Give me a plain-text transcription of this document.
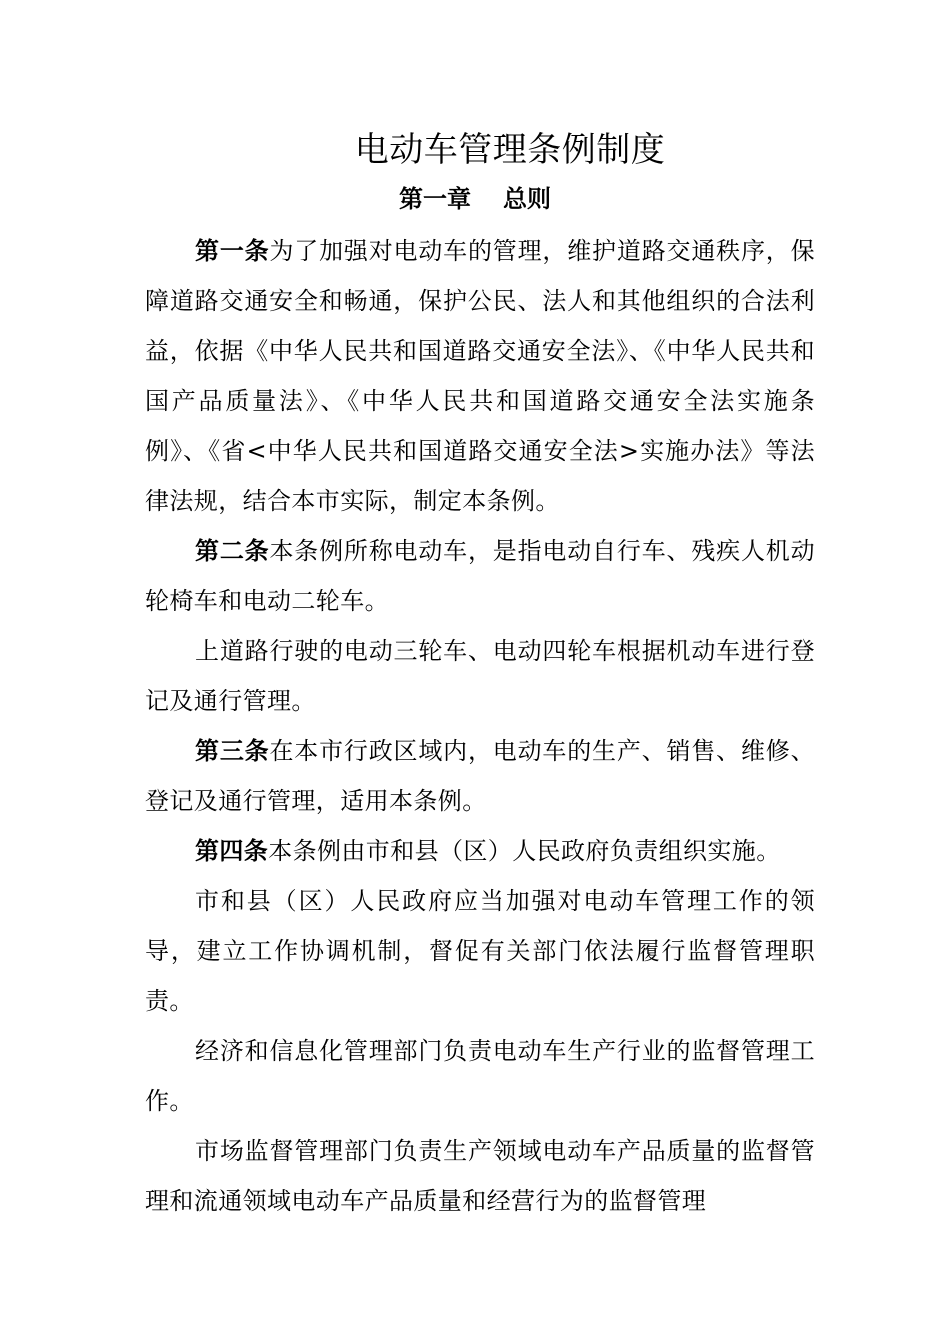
电动车管理条例制度
第一章 总则

第一条为了加强对电动车的管理，维护道路交通秩序，保障道路交通安全和畅通，保护公民、法人和其他组织的合法利益，依据《中华人民共和国道路交通安全法》、《中华人民共和国产品质量法》、《中华人民共和国道路交通安全法实施条例》、《省<中华人民共和国道路交通安全法>实施办法》等法律法规，结合本市实际，制定本条例。

第二条本条例所称电动车，是指电动自行车、残疾人机动轮椅车和电动二轮车。

上道路行驶的电动三轮车、电动四轮车根据机动车进行登记及通行管理。

第三条在本市行政区域内，电动车的生产、销售、维修、登记及通行管理，适用本条例。

第四条本条例由市和县（区）人民政府负责组织实施。

市和县（区）人民政府应当加强对电动车管理工作的领导，建立工作协调机制，督促有关部门依法履行监督管理职责。

经济和信息化管理部门负责电动车生产行业的监督管理工作。

市场监督管理部门负责生产领域电动车产品质量的监督管理和流通领域电动车产品质量和经营行为的监督管理
